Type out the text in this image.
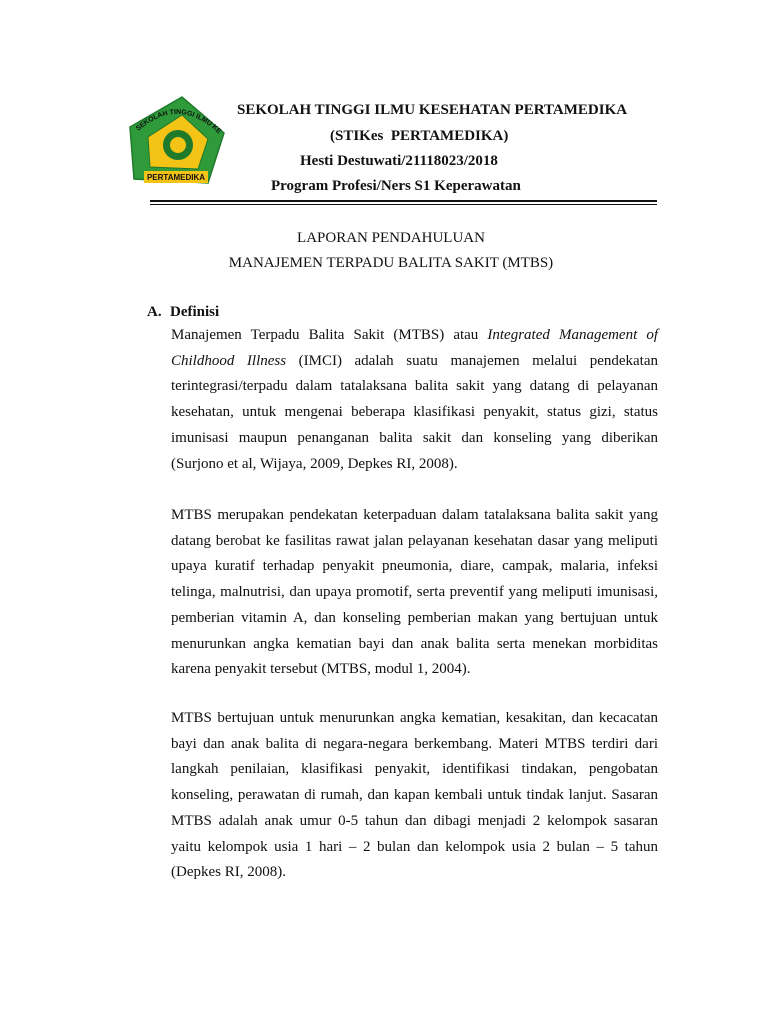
SEKOLAH TINGGI ILMU KE
PERTAMEDIKA
SEKOLAH TINGGI ILMU KESEHATAN PERTAMEDIKA
(STIKes  PERTAMEDIKA)
Hesti Destuwati/21118023/2018
Program Profesi/Ners S1 Keperawatan
LAPORAN PENDAHULUAN
MANAJEMEN TERPADU BALITA SAKIT (MTBS)
A. Definisi
Manajemen Terpadu Balita Sakit (MTBS) atau Integrated Management of Childhood Illness (IMCI) adalah suatu manajemen melalui pendekatan terintegrasi/terpadu dalam tatalaksana balita sakit yang datang di pelayanan kesehatan, untuk mengenai beberapa klasifikasi penyakit, status gizi, status imunisasi maupun penanganan balita sakit dan konseling yang diberikan (Surjono et al, Wijaya, 2009, Depkes RI, 2008).
MTBS merupakan pendekatan keterpaduan dalam tatalaksana balita sakit yang datang berobat ke fasilitas rawat jalan pelayanan kesehatan dasar yang meliputi upaya kuratif terhadap penyakit pneumonia, diare, campak, malaria, infeksi telinga, malnutrisi, dan upaya promotif, serta preventif yang meliputi imunisasi, pemberian vitamin A, dan konseling pemberian makan yang bertujuan untuk menurunkan angka kematian bayi dan anak balita serta menekan morbiditas karena penyakit tersebut (MTBS, modul 1, 2004).
MTBS bertujuan untuk menurunkan angka kematian, kesakitan, dan kecacatan bayi dan anak balita di negara-negara berkembang. Materi MTBS terdiri dari langkah penilaian, klasifikasi penyakit, identifikasi tindakan, pengobatan konseling, perawatan di rumah, dan kapan kembali untuk tindak lanjut. Sasaran MTBS adalah anak umur 0-5 tahun dan dibagi menjadi 2 kelompok sasaran yaitu kelompok usia 1 hari – 2 bulan dan kelompok usia 2 bulan – 5 tahun (Depkes RI, 2008).
